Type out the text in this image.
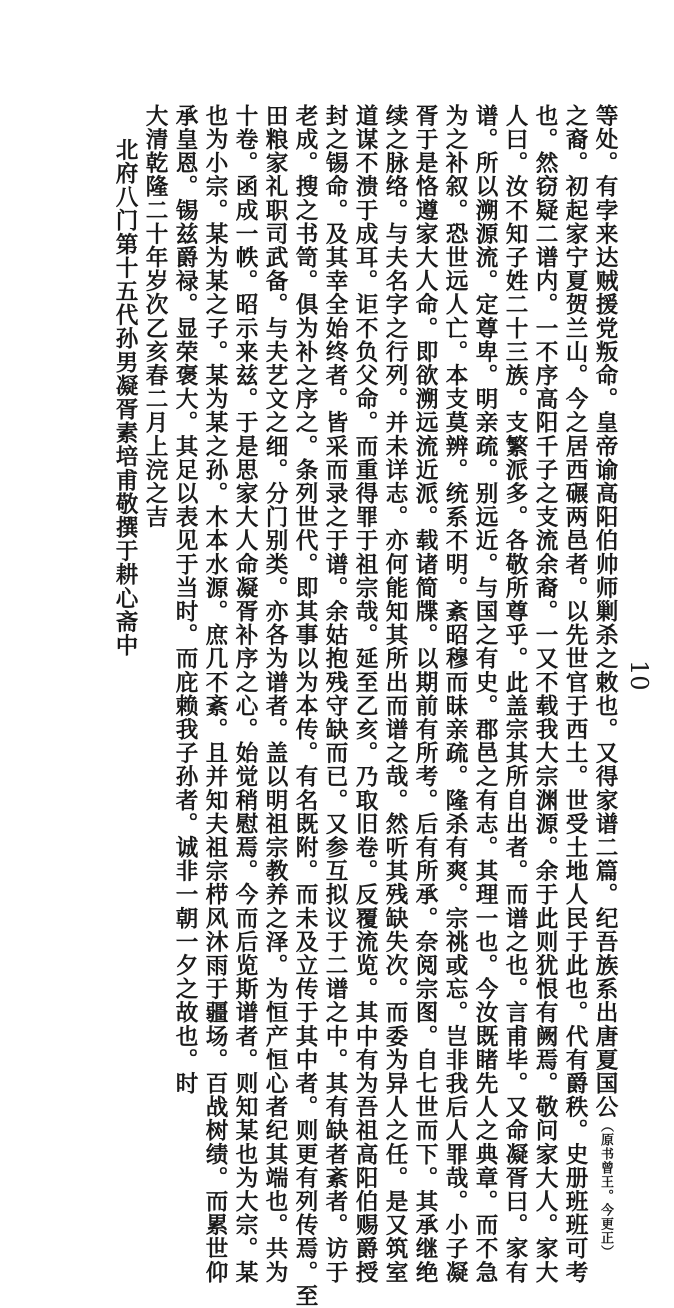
10
等处。有孛来达贼援党叛命。皇帝谕高阳伯帅师剿杀之敕也。又得家谱二篇。纪吾族系出唐夏国公（原书曾王。今更正）
之裔。初起家宁夏贺兰山。今之居西碾两邑者。以先世官于西土。世受土地人民于此也。代有爵秩。史册班班可考
也。然窃疑二谱内。一不序高阳千子之支流余裔。一又不载我大宗渊源。余于此则犹恨有阙焉。敬问家大人。家大
人曰。汝不知子姓二十三族。支繁派多。各敬所尊乎。此盖宗其所自出者。而谱之也。言甫毕。又命凝胥曰。家有
谱。所以溯源流。定尊卑。明亲疏。别远近。与国之有史。郡邑之有志。其理一也。今汝既睹先人之典章。而不急
为之补叙。恐世远人亡。本支莫辨。统系不明。紊昭穆而昧亲疏。隆杀有爽。宗祧或忘。岂非我后人罪哉。小子凝
胥于是恪遵家大人命。即欲溯远流近派。载诸简牒。以期前有所考。后有所承。奈阅宗图。自七世而下。其承继绝
续之脉络。与夫名字之行列。并未详志。亦何能知其所出而谱之哉。然听其残缺失次。而委为异人之任。是又筑室
道谋不溃于成耳。讵不负父命。而重得罪于祖宗哉。延至乙亥。乃取旧卷。反覆流览。其中有为吾祖高阳伯赐爵授
封之锡命。及其幸全始终者。皆采而录之于谱。余姑抱残守缺而已。又参互拟议于二谱之中。其有缺者紊者。访于
老成。搜之书笥。俱为补之序之。条列世代。即其事以为本传。有名既附。而未及立传于其中者。则更有列传焉。至
田粮家礼职司武备。与夫艺文之细。分门别类。亦各为谱者。盖以明祖宗教养之泽。为恒产恒心者纪其端也。共为
十卷。函成一帙。昭示来兹。于是思家大人命凝胥补序之心。始觉稍慰焉。今而后览斯谱者。则知某也为大宗。某
也为小宗。某为某之子。某为某之孙。木本水源。庶几不紊。且并知夫祖宗栉风沐雨于疆场。百战树绩。而累世仰
承皇恩。锡兹爵禄。显荣褒大。其足以表见于当时。而庇赖我子孙者。诚非一朝一夕之故也。时
大清乾隆二十年岁次乙亥春二月上浣之吉
北府八门第十五代孙男凝胥素培甫敬撰于耕心斋中
